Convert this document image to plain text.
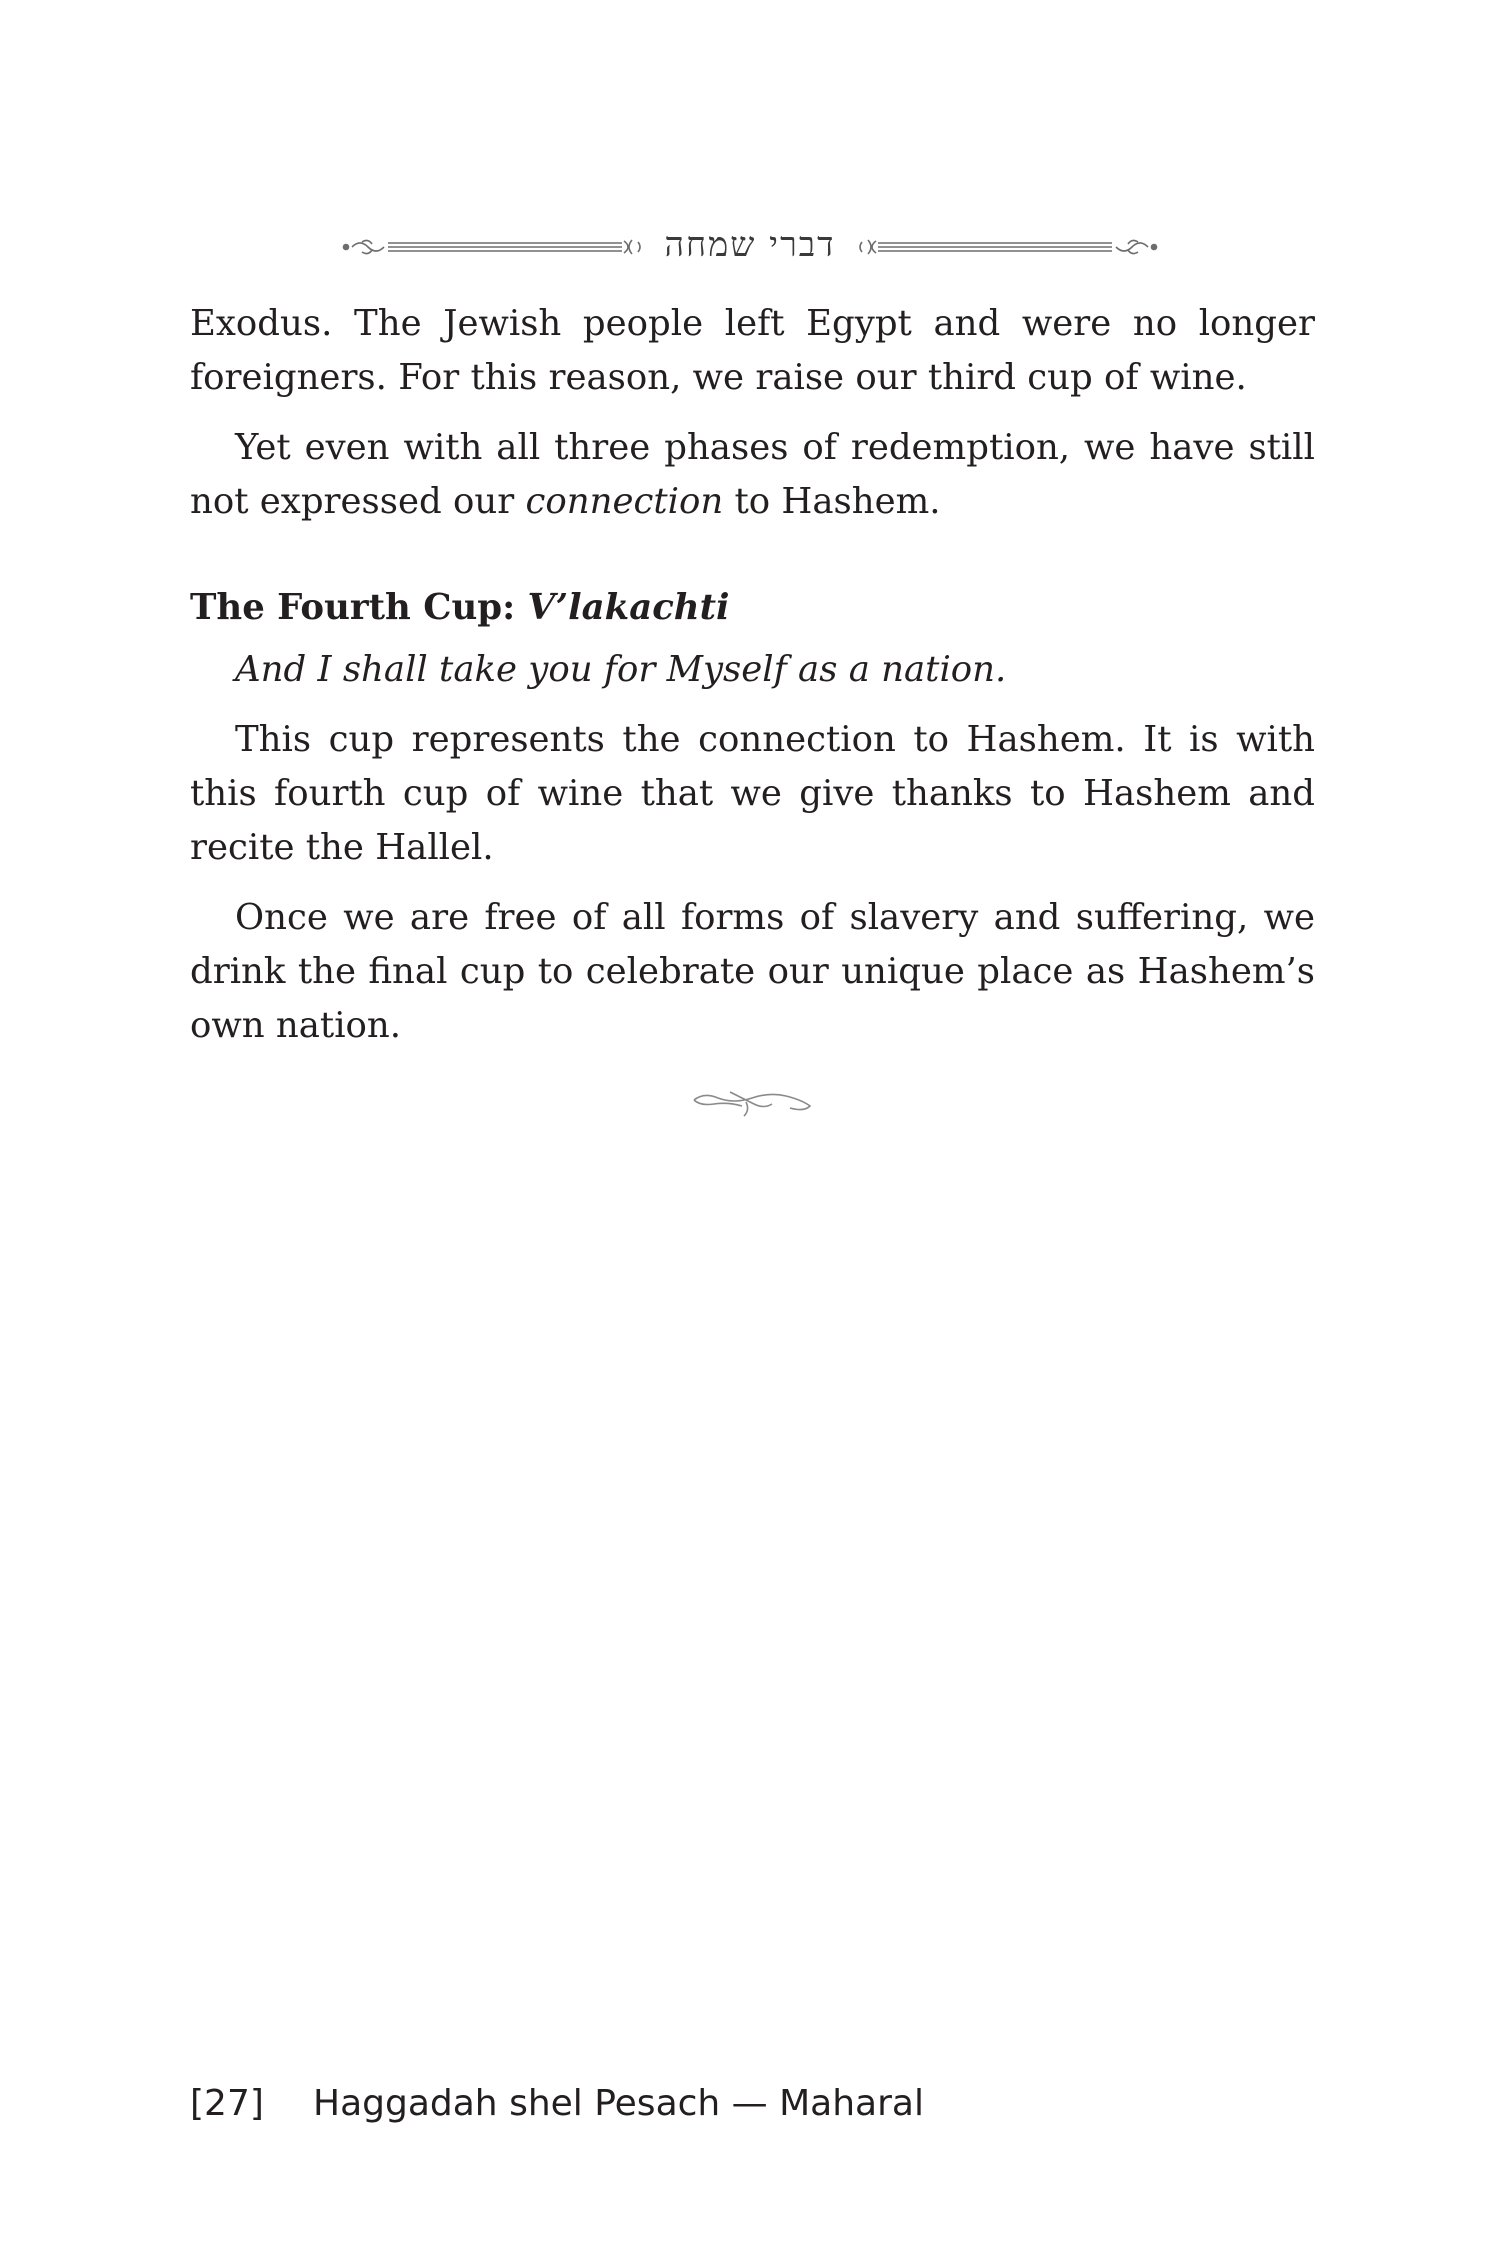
דברי שמחה

Exodus. The Jewish people left Egypt and were no longer foreigners. For this reason, we raise our third cup of wine.

Yet even with all three phases of redemption, we have still not expressed our connection to Hashem.

The Fourth Cup: V’lakachti

And I shall take you for Myself as a nation.

This cup represents the connection to Hashem. It is with this fourth cup of wine that we give thanks to Hashem and recite the Hallel.

Once we are free of all forms of slavery and suffering, we drink the final cup to celebrate our unique place as Hashem’s own nation.

[27] Haggadah shel Pesach — Maharal
